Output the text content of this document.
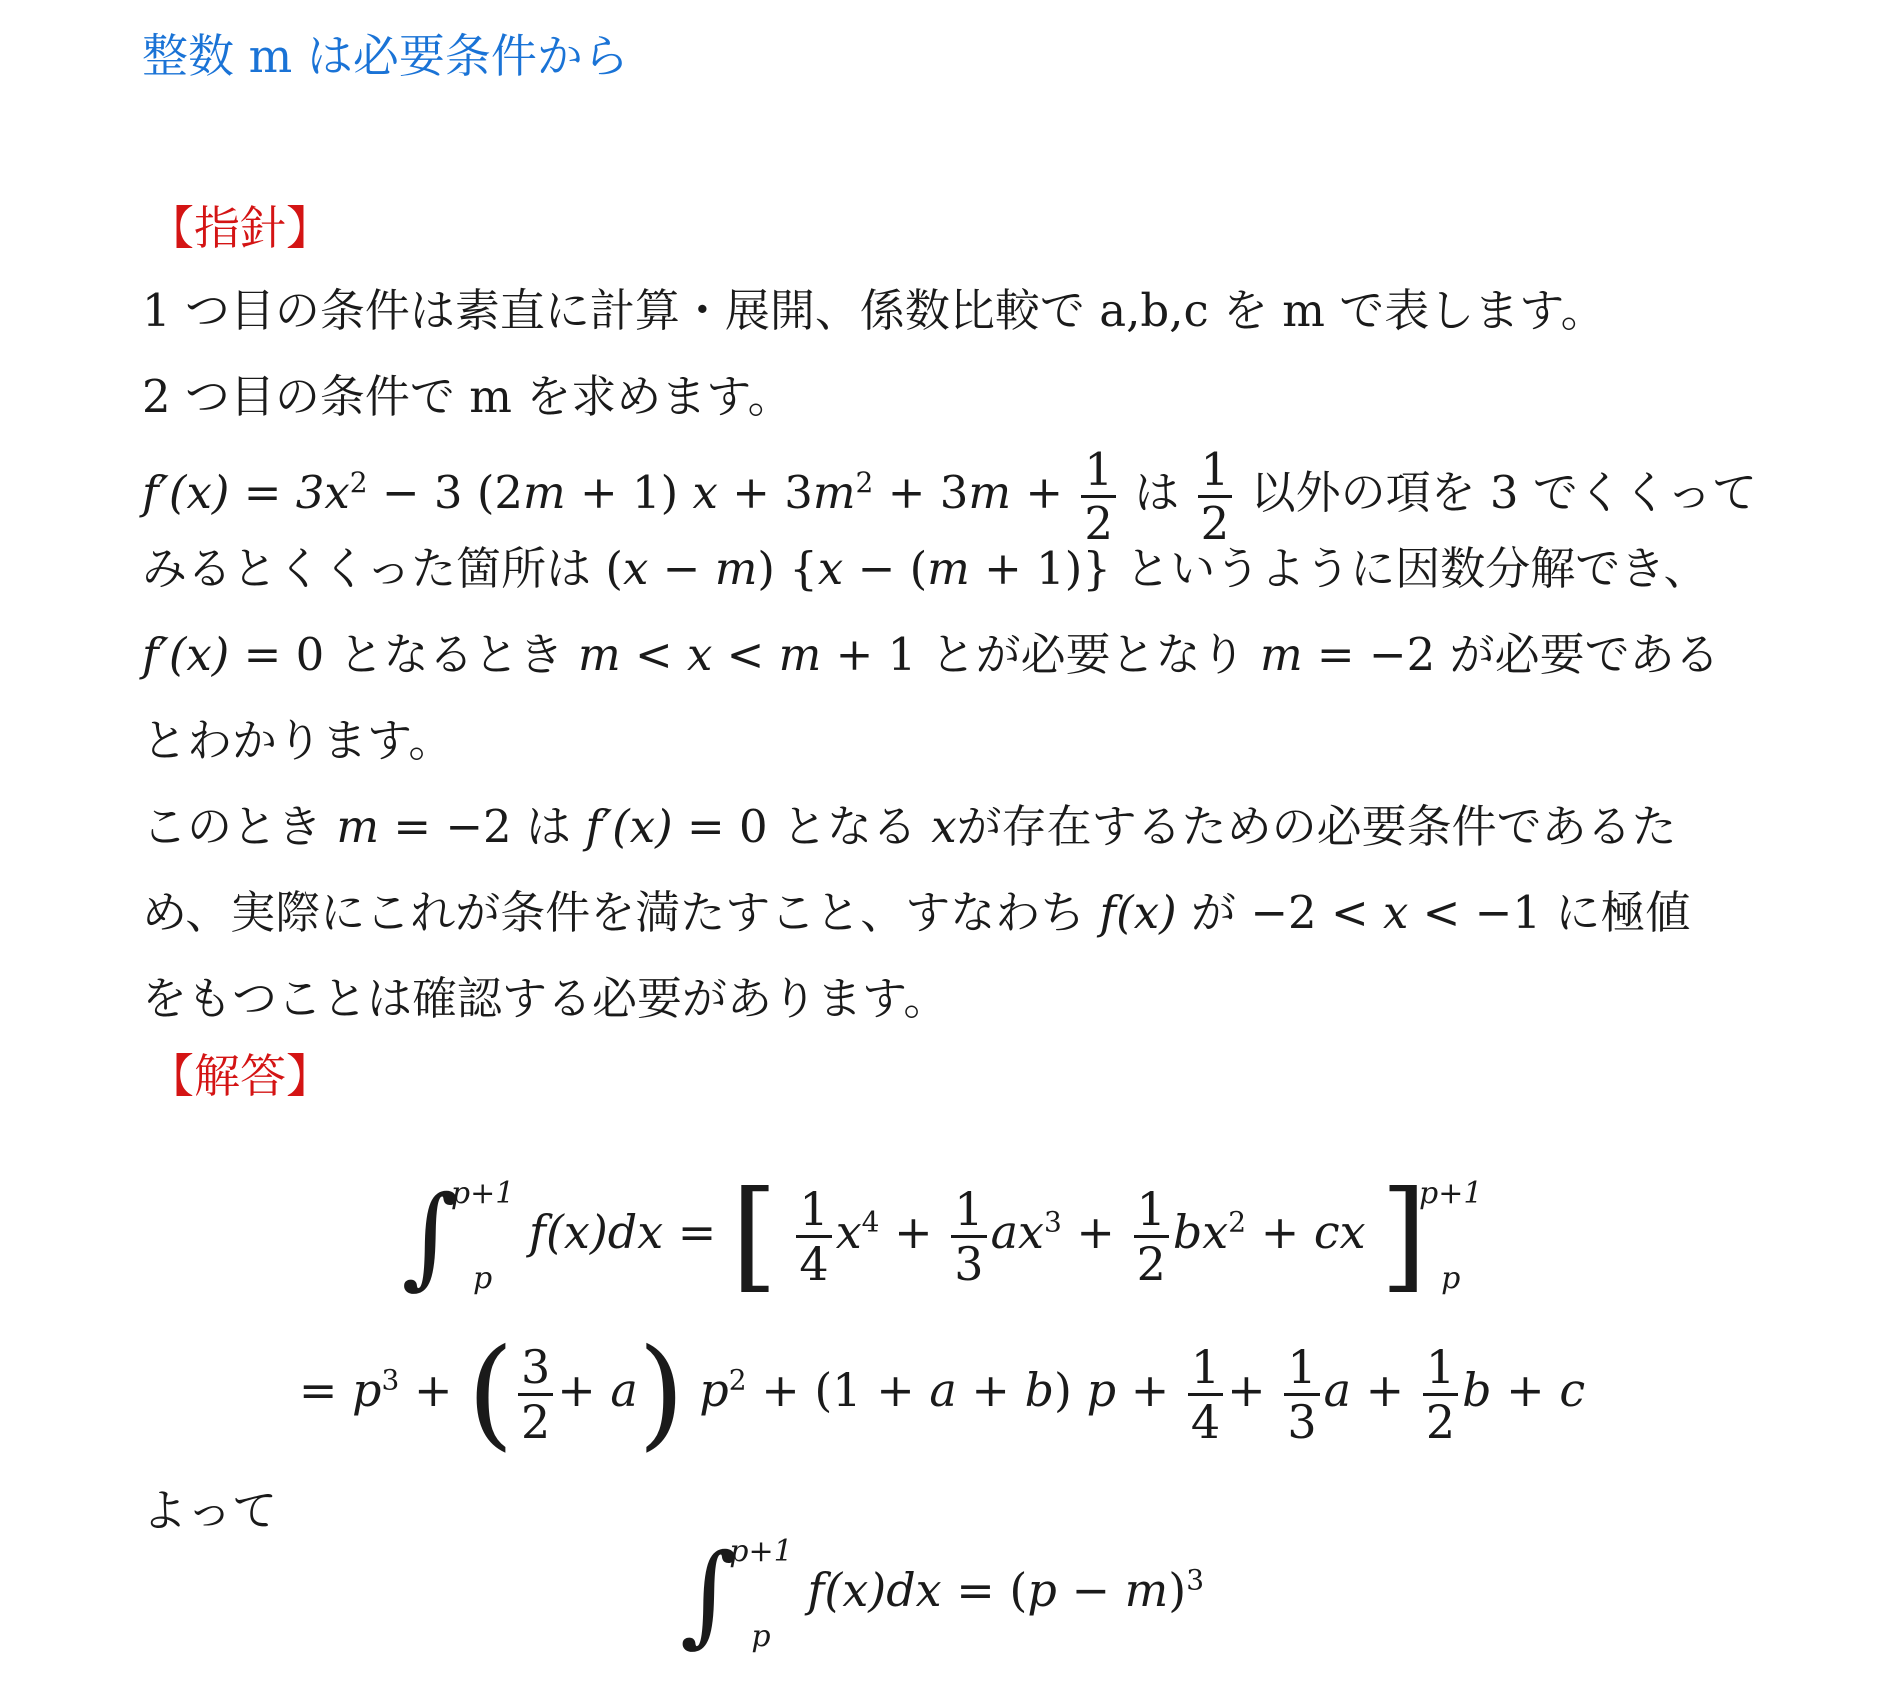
整数 m は必要条件から
【指針】
1 つ目の条件は素直に計算・展開、係数比較で a,b,c を m で表します。
2 つ目の条件で m を求めます。
$f'(x) = 3x^2 - 3$ (2m + 1) $x + 3m^2 + 3m + \frac{1}{2}$ は $\frac{1}{2}$ 以外の項を 3 でくくって
みるとくくった箇所は (x − m) {x − (m + 1)} というように因数分解でき、
f′(x) = 0 となるとき m < x < m + 1 とが必要となり m = −2 が必要である
とわかります。
このとき m = −2 は f′(x) = 0 となる xが存在するための必要条件であるた
め、実際にこれが条件を満たすこと、すなわち f(x) が −2 < x < −1 に極値
をもつことは確認する必要があります。
【解答】
∫
p+1
p
f(x)dx = [ $\frac{1}{4} x^4 + \frac{1}{3} ax^3 + \frac{1}{2} bx^2$ + cx ]
p+1
p
= $p^3$ + ( $\frac{3}{2} + a$) $p^2 + (1 + a + b) p + \frac{1}{4} + \frac{1}{3}$ $a + \frac{1}{2}$ b + c
よって
∫
p+1
p
$f(x)dx = (p - m)^3$
